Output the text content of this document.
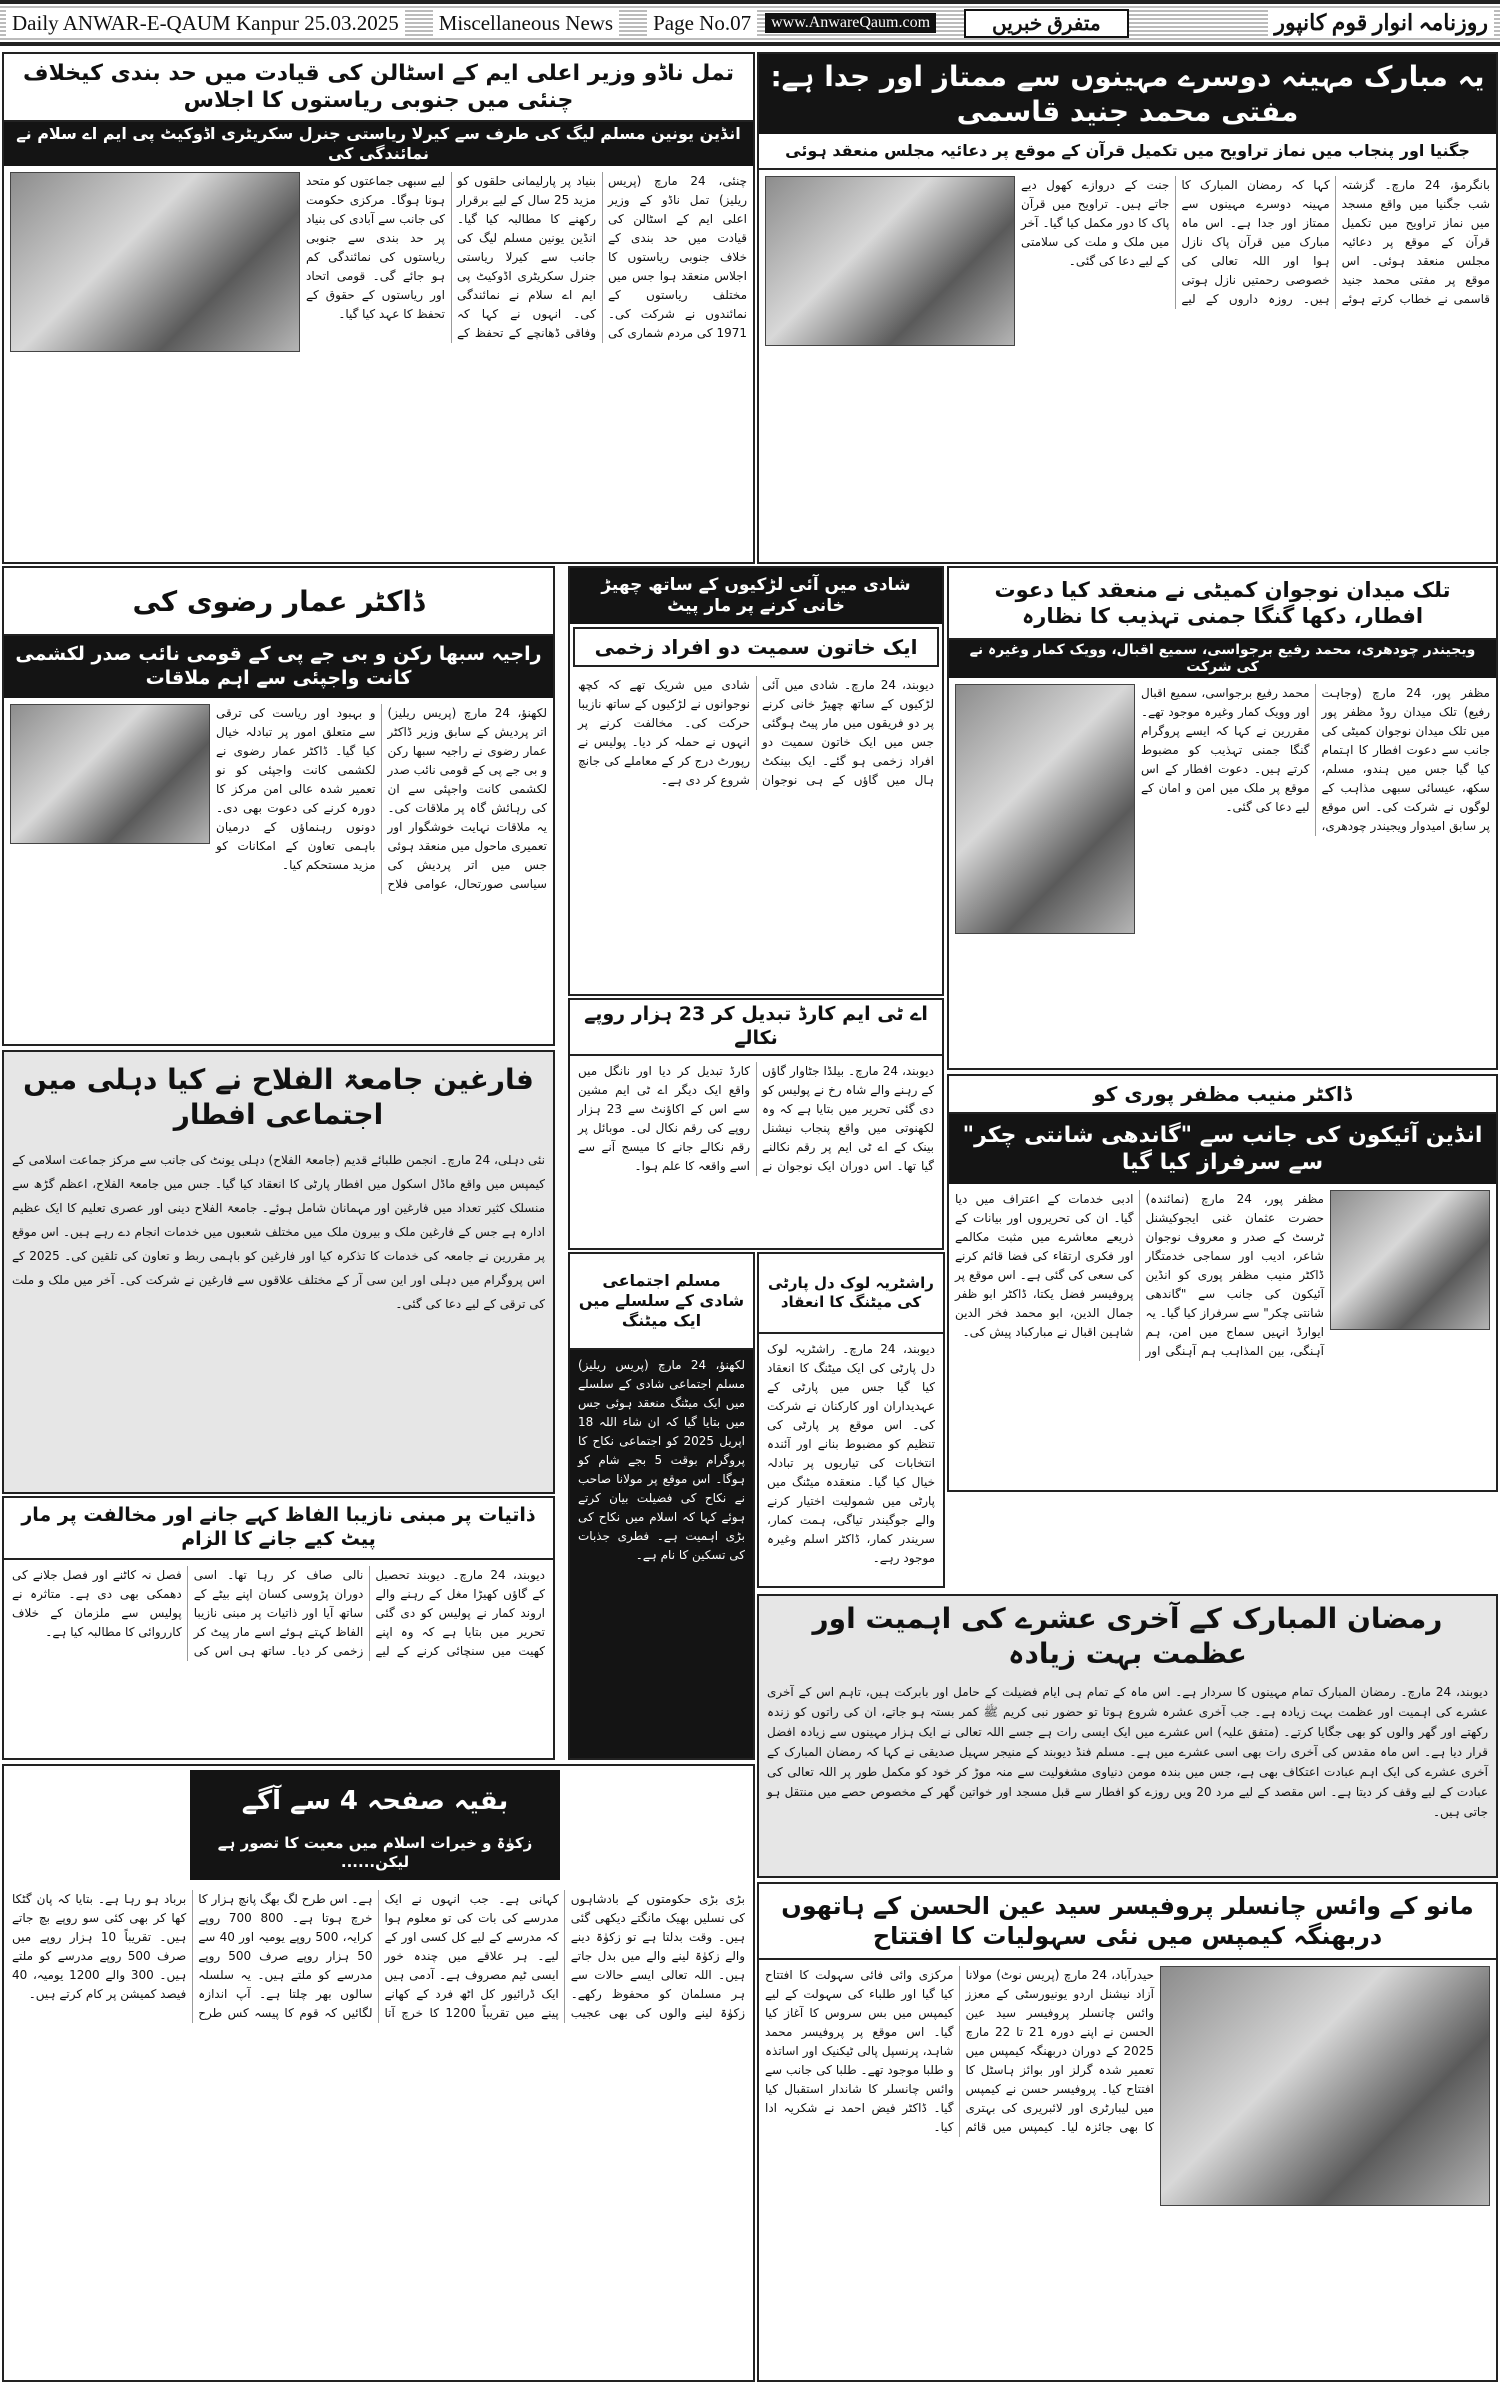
Daily ANWAR-E-QAUM Kanpur 25.03.2025 Miscellaneous News Page No.07	www.AnwareQaum.com	متفرق خبریں	روزنامہ انوار قوم کانپور
تمل ناڈو وزیر اعلی ایم کے اسٹالن کی قیادت میں حد بندی کیخلاف چنئی میں جنوبی ریاستوں کا اجلاس
انڈین یونین مسلم لیگ کی طرف سے کیرلا ریاستی جنرل سکریٹری اڈوکیٹ پی ایم اے سلام نے نمائندگی کی
چنئی، 24 مارچ (پریس ریلیز) تمل ناڈو کے وزیر اعلی ایم کے اسٹالن کی قیادت میں حد بندی کے خلاف جنوبی ریاستوں کا اجلاس منعقد ہوا جس میں مختلف ریاستوں کے نمائندوں نے شرکت کی۔ 1971 کی مردم شماری کی بنیاد پر پارلیمانی حلقوں کو مزید 25 سال کے لیے برقرار رکھنے کا مطالبہ کیا گیا۔ انڈین یونین مسلم لیگ کی جانب سے کیرلا ریاستی جنرل سکریٹری اڈوکیٹ پی ایم اے سلام نے نمائندگی کی۔ انہوں نے کہا کہ وفاقی ڈھانچے کے تحفظ کے لیے سبھی جماعتوں کو متحد ہونا ہوگا۔ مرکزی حکومت کی جانب سے آبادی کی بنیاد پر حد بندی سے جنوبی ریاستوں کی نمائندگی کم ہو جائے گی۔ قومی اتحاد اور ریاستوں کے حقوق کے تحفظ کا عہد کیا گیا۔
یہ مبارک مہینہ دوسرے مہینوں سے ممتاز اور جدا ہے: مفتی محمد جنید قاسمی
جگنیا اور پنجاب میں نماز تراویح میں تکمیل قرآن کے موقع پر دعائیہ مجلس منعقد ہوئی
بانگرمؤ، 24 مارچ۔ گزشتہ شب جگنیا میں واقع مسجد میں نماز تراویح میں تکمیل قرآن کے موقع پر دعائیہ مجلس منعقد ہوئی۔ اس موقع پر مفتی محمد جنید قاسمی نے خطاب کرتے ہوئے کہا کہ رمضان المبارک کا مہینہ دوسرے مہینوں سے ممتاز اور جدا ہے۔ اس ماہ مبارک میں قرآن پاک نازل ہوا اور اللہ تعالی کی خصوصی رحمتیں نازل ہوتی ہیں۔ روزہ داروں کے لیے جنت کے دروازے کھول دیے جاتے ہیں۔ تراویح میں قرآن پاک کا دور مکمل کیا گیا۔ آخر میں ملک و ملت کی سلامتی کے لیے دعا کی گئی۔
ڈاکٹر عمار رضوی کی
راجیہ سبھا رکن و بی جے پی کے قومی نائب صدر لکشمی کانت واجپئی سے اہم ملاقات
لکھنؤ، 24 مارچ (پریس ریلیز) اتر پردیش کے سابق وزیر ڈاکٹر عمار رضوی نے راجیہ سبھا رکن و بی جے پی کے قومی نائب صدر لکشمی کانت واجپئی سے ان کی رہائش گاہ پر ملاقات کی۔ یہ ملاقات نہایت خوشگوار اور تعمیری ماحول میں منعقد ہوئی جس میں اتر پردیش کی سیاسی صورتحال، عوامی فلاح و بہبود اور ریاست کی ترقی سے متعلق امور پر تبادلہ خیال کیا گیا۔ ڈاکٹر عمار رضوی نے لکشمی کانت واجپئی کو نو تعمیر شدہ عالی امن مرکز کا دورہ کرنے کی دعوت بھی دی۔ دونوں رہنماؤں کے درمیان باہمی تعاون کے امکانات کو مزید مستحکم کیا۔
شادی میں آئی لڑکیوں کے ساتھ چھیڑ خانی کرنے پر مار پیٹ
ایک خاتون سمیت دو افراد زخمی
دیوبند، 24 مارچ۔ شادی میں آئی لڑکیوں کے ساتھ چھیڑ خانی کرنے پر دو فریقوں میں مار پیٹ ہوگئی جس میں ایک خاتون سمیت دو افراد زخمی ہو گئے۔ ایک بینکٹ ہال میں گاؤں کے ہی نوجوان شادی میں شریک تھے کہ کچھ نوجوانوں نے لڑکیوں کے ساتھ نازیبا حرکت کی۔ مخالفت کرنے پر انہوں نے حملہ کر دیا۔ پولیس نے رپورٹ درج کر کے معاملے کی جانچ شروع کر دی ہے۔
اے ٹی ایم کارڈ تبدیل کر 23 ہزار روپے نکالے
دیوبند، 24 مارچ۔ بیلڈا جٹاوار گاؤں کے رہنے والے شاہ رخ نے پولیس کو دی گئی تحریر میں بتایا ہے کہ وہ لکھنوتی میں واقع پنجاب نیشنل بینک کے اے ٹی ایم پر رقم نکالنے گیا تھا۔ اس دوران ایک نوجوان نے کارڈ تبدیل کر دیا اور نانگل میں واقع ایک دیگر اے ٹی ایم مشین سے اس کے اکاؤنٹ سے 23 ہزار روپے کی رقم نکال لی۔ موبائل پر رقم نکالے جانے کا میسج آنے سے اسے واقعہ کا علم ہوا۔
تلک میدان نوجوان کمیٹی نے منعقد کیا دعوت افطار، دکھا گنگا جمنی تہذیب کا نظارہ
ویجیندر چودھری، محمد رفیع برجواسی، سمیع اقبال، وویک کمار وغیرہ نے کی شرکت
مظفر پور، 24 مارچ (وجاہت رفیع) تلک میدان روڈ مظفر پور میں تلک میدان نوجوان کمیٹی کی جانب سے دعوت افطار کا اہتمام کیا گیا جس میں ہندو، مسلم، سکھ، عیسائی سبھی مذاہب کے لوگوں نے شرکت کی۔ اس موقع پر سابق امیدوار ویجیندر چودھری، محمد رفیع برجواسی، سمیع اقبال اور وویک کمار وغیرہ موجود تھے۔ مقررین نے کہا کہ ایسے پروگرام گنگا جمنی تہذیب کو مضبوط کرتے ہیں۔ دعوت افطار کے اس موقع پر ملک میں امن و امان کے لیے دعا کی گئی۔
فارغین جامعۃ الفلاح نے کیا دہلی میں اجتماعی افطار
نئی دہلی، 24 مارچ۔ انجمن طلبائے قدیم (جامعۃ الفلاح) دہلی یونٹ کی جانب سے مرکز جماعت اسلامی کے کیمپس میں واقع ماڈل اسکول میں افطار پارٹی کا انعقاد کیا گیا۔ جس میں جامعۃ الفلاح، اعظم گڑھ سے منسلک کثیر تعداد میں فارغین اور مہمانان شامل ہوئے۔ جامعۃ الفلاح دینی اور عصری تعلیم کا ایک عظیم ادارہ ہے جس کے فارغین ملک و بیرون ملک میں مختلف شعبوں میں خدمات انجام دے رہے ہیں۔ اس موقع پر مقررین نے جامعہ کی خدمات کا تذکرہ کیا اور فارغین کو باہمی ربط و تعاون کی تلقین کی۔ 2025 کے اس پروگرام میں دہلی اور این سی آر کے مختلف علاقوں سے فارغین نے شرکت کی۔ آخر میں ملک و ملت کی ترقی کے لیے دعا کی گئی۔
مسلم اجتماعی شادی کے سلسلے میں ایک میٹنگ
لکھنؤ، 24 مارچ (پریس ریلیز) مسلم اجتماعی شادی کے سلسلے میں ایک میٹنگ منعقد ہوئی جس میں بتایا گیا کہ ان شاء اللہ 18 اپریل 2025 کو اجتماعی نکاح کا پروگرام بوقت 5 بجے شام کو ہوگا۔ اس موقع پر مولانا صاحب نے نکاح کی فضیلت بیان کرتے ہوئے کہا کہ اسلام میں نکاح کی بڑی اہمیت ہے۔ فطری جذبات کی تسکین کا نام ہے۔
راشٹریہ لوک دل پارٹی کی میٹنگ کا انعقاد
دیوبند، 24 مارچ۔ راشٹریہ لوک دل پارٹی کی ایک میٹنگ کا انعقاد کیا گیا جس میں پارٹی کے عہدیداران اور کارکنان نے شرکت کی۔ اس موقع پر پارٹی کی تنظیم کو مضبوط بنانے اور آئندہ انتخابات کی تیاریوں پر تبادلہ خیال کیا گیا۔ منعقدہ میٹنگ میں پارٹی میں شمولیت اختیار کرنے والے جوگیندر تیاگی، ہمت کمار، سریندر کمار، ڈاکٹر اسلم وغیرہ موجود رہے۔
ڈاکٹر منیب مظفر پوری کو
انڈین آئیکون کی جانب سے "گاندھی شانتی چکر" سے سرفراز کیا گیا
مظفر پور، 24 مارچ (نمائندہ) حضرت عثمان غنی ایجوکیشنل ٹرسٹ کے صدر و معروف نوجوان شاعر، ادیب اور سماجی خدمتگار ڈاکٹر منیب مظفر پوری کو انڈین آئیکون کی جانب سے "گاندھی شانتی چکر" سے سرفراز کیا گیا۔ یہ ایوارڈ انہیں سماج میں امن، ہم آہنگی، بین المذاہب ہم آہنگی اور ادبی خدمات کے اعتراف میں دیا گیا۔ ان کی تحریروں اور بیانات کے ذریعے معاشرے میں مثبت مکالمے اور فکری ارتقاء کی فضا قائم کرنے کی سعی کی گئی ہے۔ اس موقع پر پروفیسر فضل یکتا، ڈاکٹر ابو ظفر جمال الدین، ابو محمد فخر الدین شاہین اقبال نے مبارکباد پیش کی۔
ذاتیات پر مبنی نازیبا الفاظ کہے جانے اور مخالفت پر مار پیٹ کیے جانے کا الزام
دیوبند، 24 مارچ۔ دیوبند تحصیل کے گاؤں کھیڑا مغل کے رہنے والے اروند کمار نے پولیس کو دی گئی تحریر میں بتایا ہے کہ وہ اپنے کھیت میں سنچائی کرنے کے لیے نالی صاف کر رہا تھا۔ اسی دوران پڑوسی کسان اپنے بیٹے کے ساتھ آیا اور ذاتیات پر مبنی نازیبا الفاظ کہتے ہوئے اسے مار پیٹ کر زخمی کر دیا۔ ساتھ ہی اس کی فصل نہ کاٹنے اور فصل جلانے کی دھمکی بھی دی ہے۔ متاثرہ نے پولیس سے ملزمان کے خلاف کارروائی کا مطالبہ کیا ہے۔	رمضان المبارک کے آخری عشرے کی اہمیت اور عظمت بہت زیادہ
دیوبند، 24 مارچ۔ رمضان المبارک تمام مہینوں کا سردار ہے۔ اس ماہ کے تمام ہی ایام فضیلت کے حامل اور بابرکت ہیں، تاہم اس کے آخری عشرے کی اہمیت اور عظمت بہت زیادہ ہے۔ جب آخری عشرہ شروع ہوتا تو حضور نبی کریم ﷺ کمر بستہ ہو جاتے، ان کی راتوں کو زندہ رکھتے اور گھر والوں کو بھی جگایا کرتے۔ (متفق علیہ) اس عشرے میں ایک ایسی رات ہے جسے اللہ تعالی نے ایک ہزار مہینوں سے زیادہ افضل قرار دیا ہے۔ اس ماہ مقدس کی آخری رات بھی اسی عشرے میں ہے۔ مسلم فنڈ دیوبند کے منیجر سہیل صدیقی نے کہا کہ رمضان المبارک کے آخری عشرے کی ایک اہم عبادت اعتکاف بھی ہے، جس میں بندہ مومن دنیاوی مشغولیت سے منہ موڑ کر خود کو مکمل طور پر اللہ تعالی کی عبادت کے لیے وقف کر دیتا ہے۔ اس مقصد کے لیے مرد 20 ویں روزے کو افطار سے قبل مسجد اور خواتین گھر کے مخصوص حصے میں منتقل ہو جاتی ہیں۔
بقیہ صفحہ 4 سے آگے
زکوٰۃ و خیرات اسلام میں معیت کا تصور ہے لیکن......
بڑی بڑی حکومتوں کے بادشاہوں کی نسلیں بھیک مانگتے دیکھی گئی ہیں۔ وقت بدلتا ہے تو زکوٰۃ دینے والے زکوٰۃ لینے والے میں بدل جاتے ہیں۔ اللہ تعالی ایسے حالات سے ہر مسلمان کو محفوظ رکھے۔ زکوٰۃ لینے والوں کی بھی عجیب کہانی ہے۔ جب انہوں نے ایک مدرسے کی بات کی تو معلوم ہوا کہ مدرسے کے لیے کل کسی اور کے لیے۔ ہر علاقے میں چندہ خور ایسی ٹیم مصروف ہے۔ آدمی ہیں ایک ڈرائیور کل اٹھ فرد کے کھانے پینے میں تقریباً 1200 کا خرچ آتا ہے۔ اس طرح لگ بھگ پانچ ہزار کا خرچ ہوتا ہے۔ 800 700 روپے کرایہ، 500 روپے یومیہ اور 40 سے 50 ہزار روپے صرف 500 روپے مدرسے کو ملتے ہیں۔ یہ سلسلہ سالوں بھر چلتا ہے۔ آپ اندازہ لگائیں کہ قوم کا پیسہ کس طرح برباد ہو رہا ہے۔ بتایا کہ پان گٹکا کھا کر بھی کئی سو روپے بچ جاتے ہیں۔ تقریباً 10 ہزار روپے میں صرف 500 روپے مدرسے کو ملتے ہیں۔ 300 والے 1200 یومیہ، 40 فیصد کمیشن پر کام کرتے ہیں۔
مانو کے وائس چانسلر پروفیسر سید عین الحسن کے ہاتھوں دربھنگہ کیمپس میں نئی سہولیات کا افتتاح
حیدرآباد، 24 مارچ (پریس نوٹ) مولانا آزاد نیشنل اردو یونیورسٹی کے معزز وائس چانسلر پروفیسر سید عین الحسن نے اپنے دورہ 21 تا 22 مارچ 2025 کے دوران دربھنگہ کیمپس میں تعمیر شدہ گرلز اور بوائز ہاسٹل کا افتتاح کیا۔ پروفیسر حسن نے کیمپس میں لیبارٹری اور لائبریری کی بہتری کا بھی جائزہ لیا۔ کیمپس میں قائم مرکزی وائی فائی سہولت کا افتتاح کیا گیا اور طلباء کی سہولت کے لیے کیمپس میں بس سروس کا آغاز کیا گیا۔ اس موقع پر پروفیسر محمد شاہد، پرنسپل پالی ٹیکنیک اور اساتذہ و طلبا موجود تھے۔ طلبا کی جانب سے وائس چانسلر کا شاندار استقبال کیا گیا۔ ڈاکٹر فیض احمد نے شکریہ ادا کیا۔
